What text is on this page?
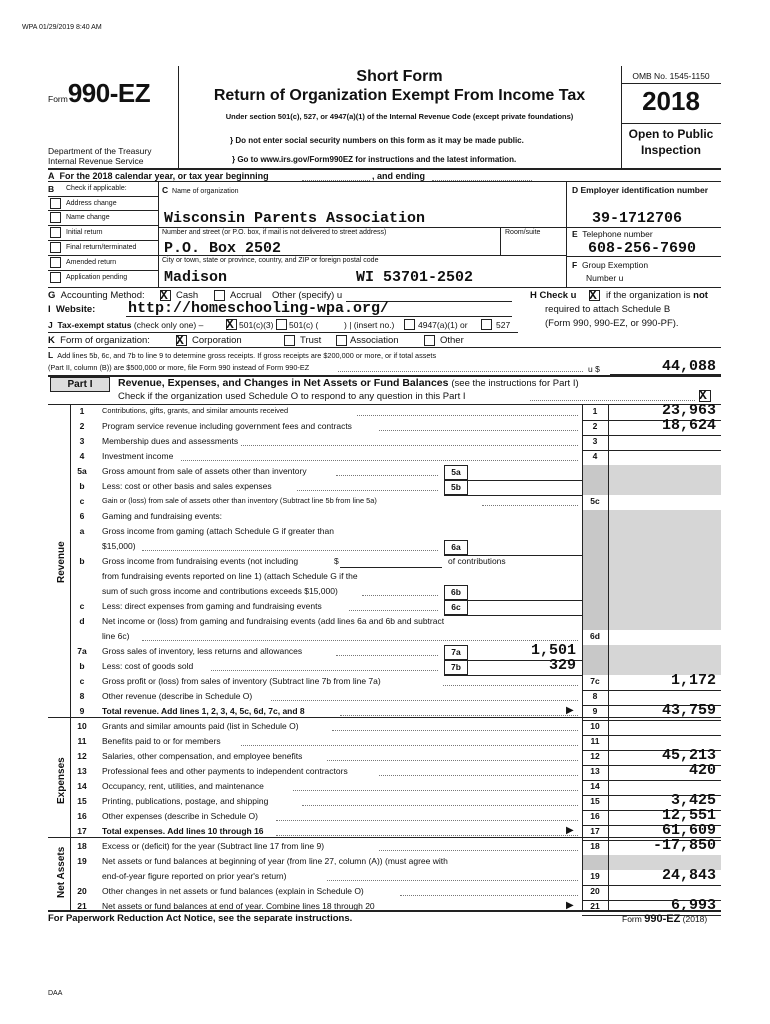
WPA 01/29/2019 8:40 AM
Form990-EZ
Department of the Treasury
Internal Revenue Service
Short Form
Return of Organization Exempt From Income Tax
Under section 501(c), 527, or 4947(a)(1) of the Internal Revenue Code (except private foundations)
} Do not enter social security numbers on this form as it may be made public.
} Go to www.irs.gov/Form990EZ for instructions and the latest information.
OMB No. 1545-1150
2018
Open to Public
Inspection
A For the 2018 calendar year, or tax year beginning	, and ending
B Check if applicable:
Address change
Name change
Initial return
Final return/terminated
Amended return
Application pending
C Name of organization
Wisconsin Parents Association
Number and street (or P.O. box, if mail is not delivered to street address)	Room/suite
P.O. Box 2502
City or town, state or province, country, and ZIP or foreign postal code
Madison	WI 53701-2502
D Employer identification number
39-1712706
E Telephone number
608-256-7690
F Group Exemption
Number u
G Accounting Method: X Cash	Accrual Other (specify) u	H Check u X if the organization is not
required to attach Schedule B
(Form 990, 990-EZ, or 990-PF).
I Website: http://homeschooling-wpa.org/
J Tax-exempt status (check only one) – X 501(c)(3) 501(c) (	) | (insert no.)	4947(a)(1) or	527
K Form of organization: X Corporation	Trust	Association	Other
L Add lines 5b, 6c, and 7b to line 9 to determine gross receipts. If gross receipts are $200,000 or more, or if total assets
(Part II, column (B)) are $500,000 or more, file Form 990 instead of Form 990-EZ	u $	44,088
Part I	Revenue, Expenses, and Changes in Net Assets or Fund Balances (see the instructions for Part I)
Check if the organization used Schedule O to respond to any question in this Part I	X
Revenue
Expenses
Net Assets
1	Contributions, gifts, grants, and similar amounts received	1	23,963
2	Program service revenue including government fees and contracts	2	18,624
3	Membership dues and assessments	3
4	Investment income	4
5a	Gross amount from sale of assets other than inventory	5a
b	Less: cost or other basis and sales expenses	5b
c	Gain or (loss) from sale of assets other than inventory (Subtract line 5b from line 5a)	5c
6	Gaming and fundraising events:
a	Gross income from gaming (attach Schedule G if greater than
$15,000)	6a
b	Gross income from fundraising events (not including	$	of contributions
from fundraising events reported on line 1) (attach Schedule G if the
sum of such gross income and contributions exceeds $15,000)	6b
c	Less: direct expenses from gaming and fundraising events	6c
d	Net income or (loss) from gaming and fundraising events (add lines 6a and 6b and subtract
line 6c)	6d
7a	Gross sales of inventory, less returns and allowances	7a	1,501
b	Less: cost of goods sold	7b	329
c	Gross profit or (loss) from sales of inventory (Subtract line 7b from line 7a)	7c	1,172
8	Other revenue (describe in Schedule O)	8
9	Total revenue. Add lines 1, 2, 3, 4, 5c, 6d, 7c, and 8	9	43,759
▶
10	Grants and similar amounts paid (list in Schedule O)	10
11	Benefits paid to or for members	11
12	Salaries, other compensation, and employee benefits	12	45,213
13	Professional fees and other payments to independent contractors	13	420
14	Occupancy, rent, utilities, and maintenance	14
15	Printing, publications, postage, and shipping	15	3,425
16	Other expenses (describe in Schedule O)	16	12,551
17	Total expenses. Add lines 10 through 16	17	61,609
▶
18	Excess or (deficit) for the year (Subtract line 17 from line 9)	18	-17,850
19	Net assets or fund balances at beginning of year (from line 27, column (A)) (must agree with
end-of-year figure reported on prior year's return)	19	24,843
20	Other changes in net assets or fund balances (explain in Schedule O)	20
21	Net assets or fund balances at end of year. Combine lines 18 through 20	21	6,993
▶
For Paperwork Reduction Act Notice, see the separate instructions.	Form 990-EZ (2018)
DAA
